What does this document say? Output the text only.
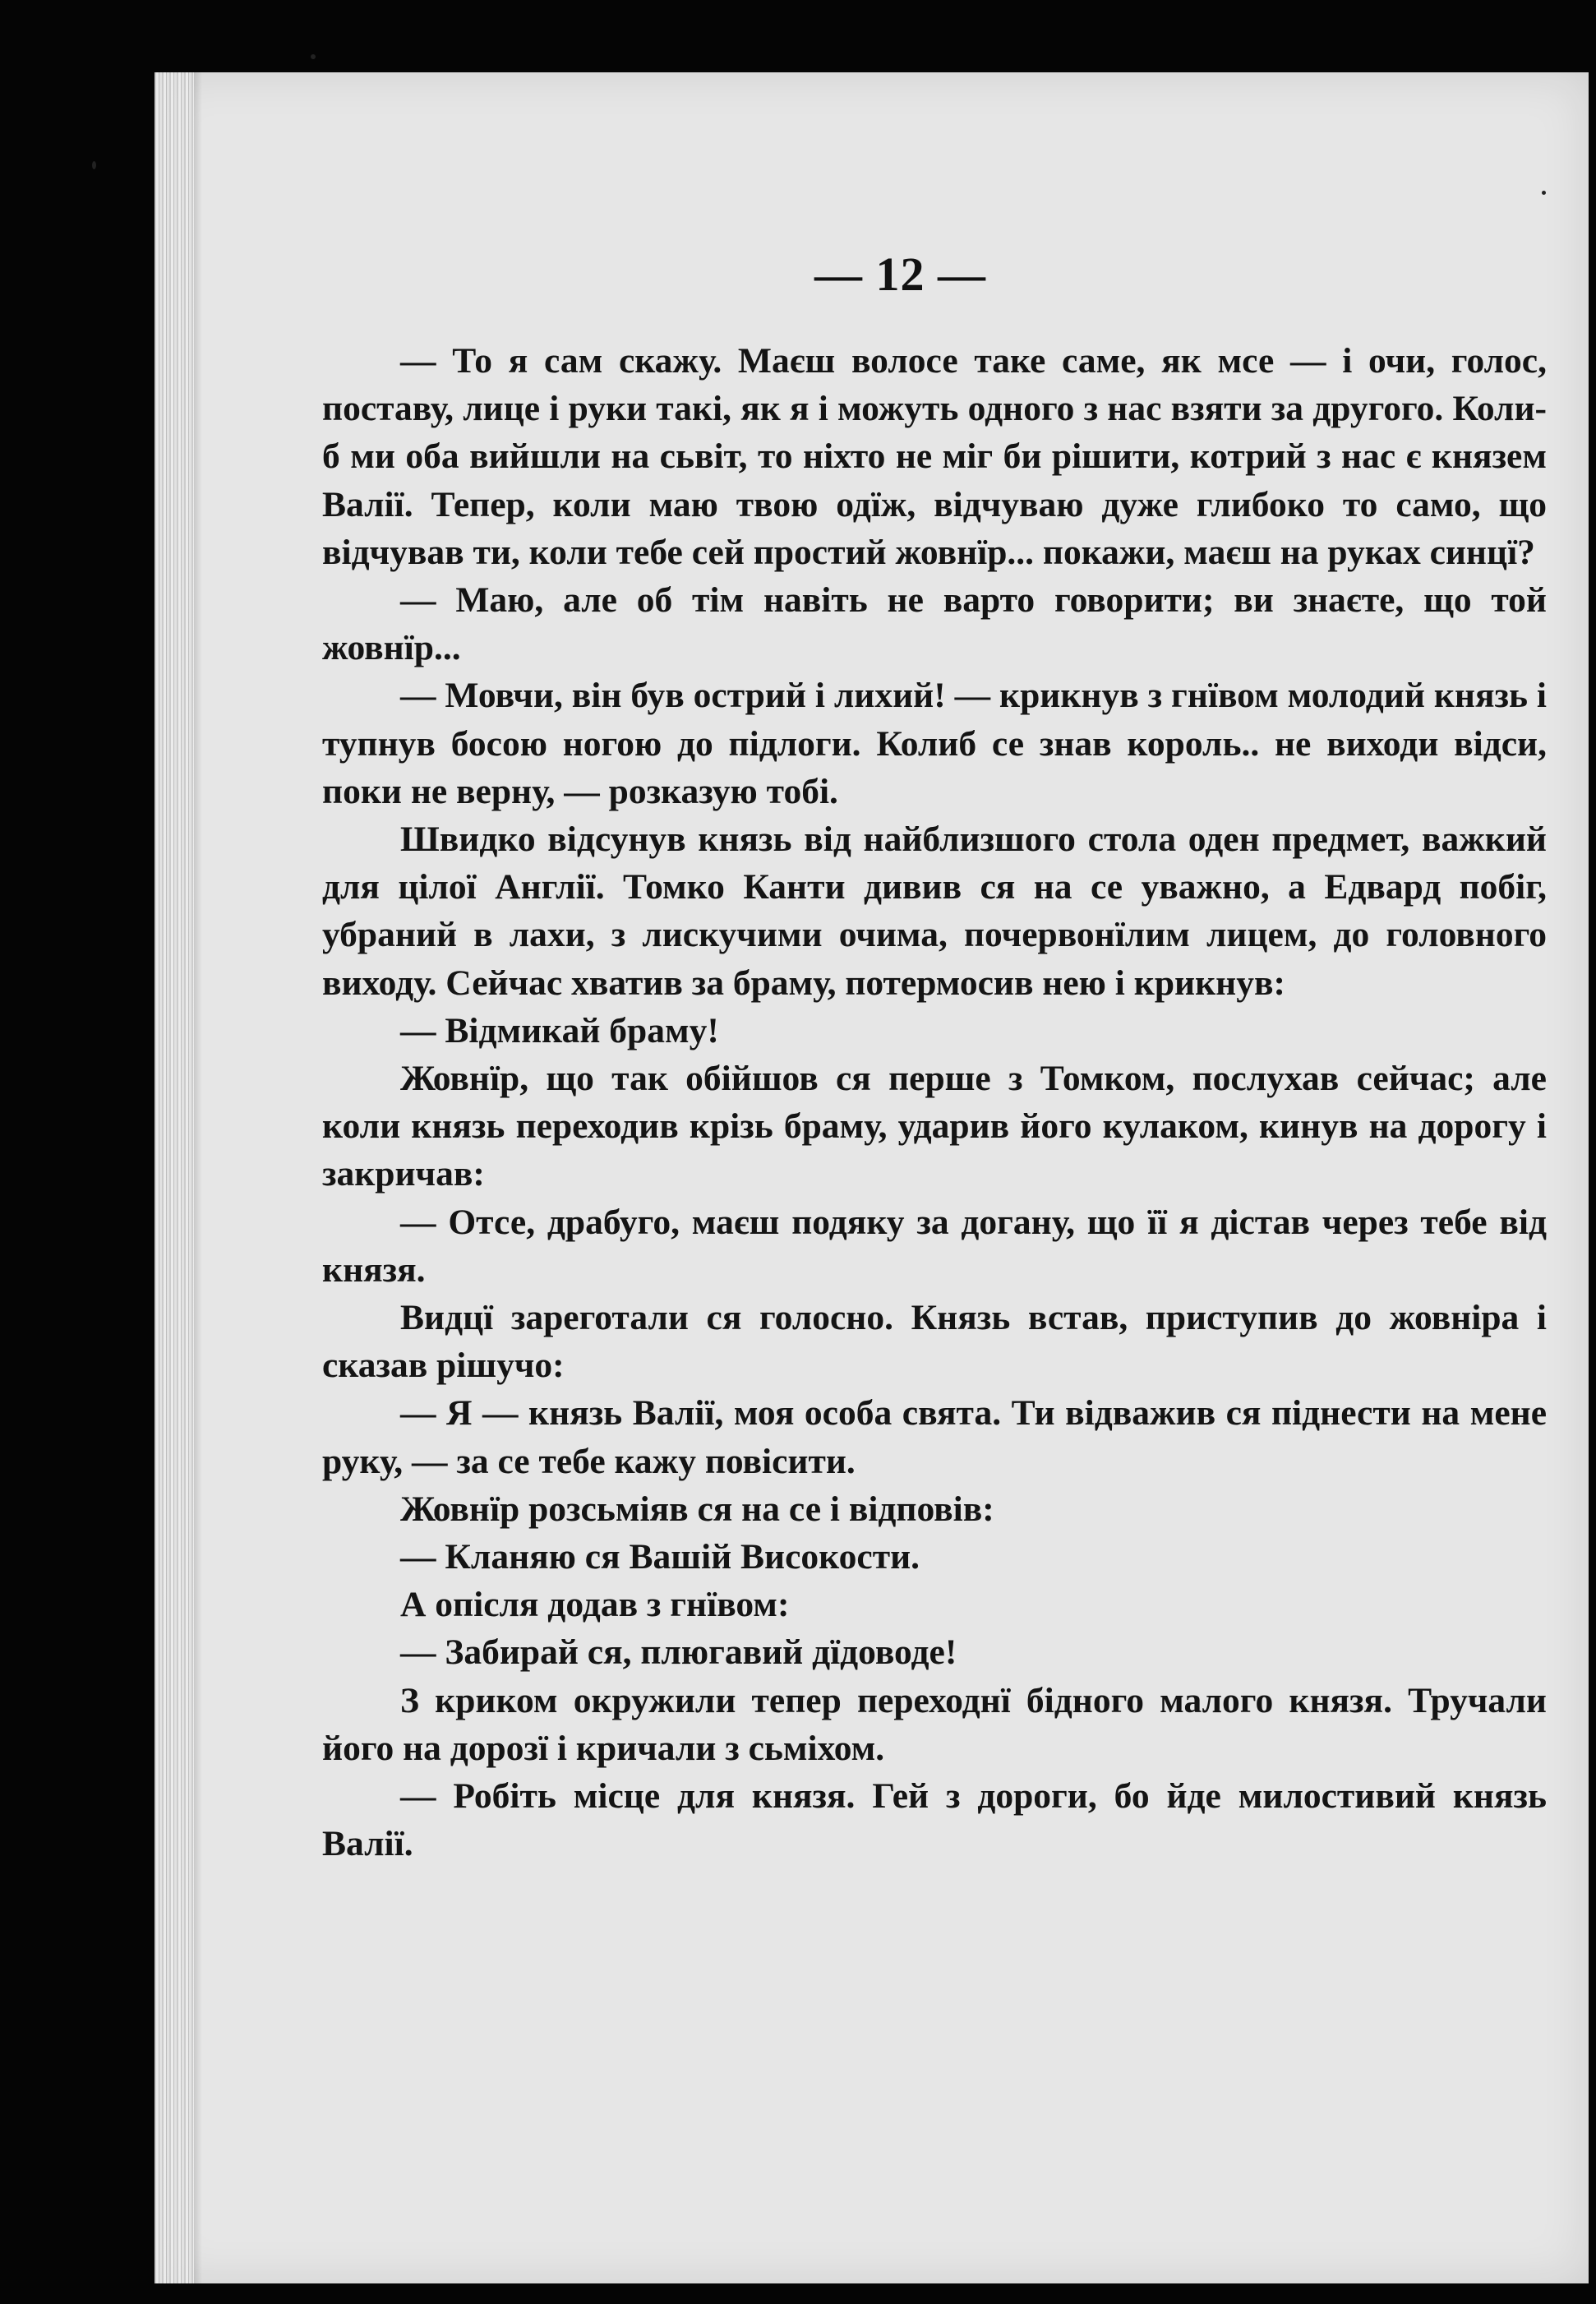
— 12 —

— То я сам скажу. Маєш волосе таке саме, як мсе — і очи, голос, поставу, лице і руки такі, як я і можуть одного з нас взяти за другого. Коли-б ми оба вийшли на сьвіт, то ніхто не міг би рішити, котрий з нас є князем Валії. Тепер, коли маю твою одїж, відчуваю дуже глибоко то само, що відчував ти, коли тебе сей простий жовнїр... покажи, маєш на руках синцї?

— Маю, але об тім навіть не варто говорити; ви знаєте, що той жовнїр...

— Мовчи, він був острий і лихий! — крикнув з гнївом молодий князь і тупнув босою ногою до підлоги. Колиб се знав король.. не виходи відси, поки не верну, — розказую тобі.

Швидко відсунув князь від найблизшого стола оден предмет, важкий для цілої Англії. Томко Канти дивив ся на се уважно, а Едвард побіг, убраний в лахи, з лискучими очима, почервонїлим лицем, до головного виходу. Сейчас хватив за браму, потермосив нею і крикнув:

— Відмикай браму!

Жовнїр, що так обійшов ся перше з Томком, послухав сейчас; але коли князь переходив крізь браму, ударив його кулаком, кинув на дорогу і закричав:

— Отсе, драбуго, маєш подяку за догану, що її я дістав через тебе від князя.

Видцї зареготали ся голосно. Князь встав, приступив до жовніра і сказав рішучо:

— Я — князь Валії, моя особа свята. Ти відважив ся піднести на мене руку, — за се тебе кажу повісити.

Жовнїр розсьміяв ся на се і відповів:

— Кланяю ся Вашій Високости.

А опісля додав з гнївом:

— Забирай ся, плюгавий дїдоводе!

З криком окружили тепер переходнї бідного малого князя. Тручали його на дорозї і кричали з сьміхом.

— Робіть місце для князя. Гей з дороги, бо йде милостивий князь Валії.
